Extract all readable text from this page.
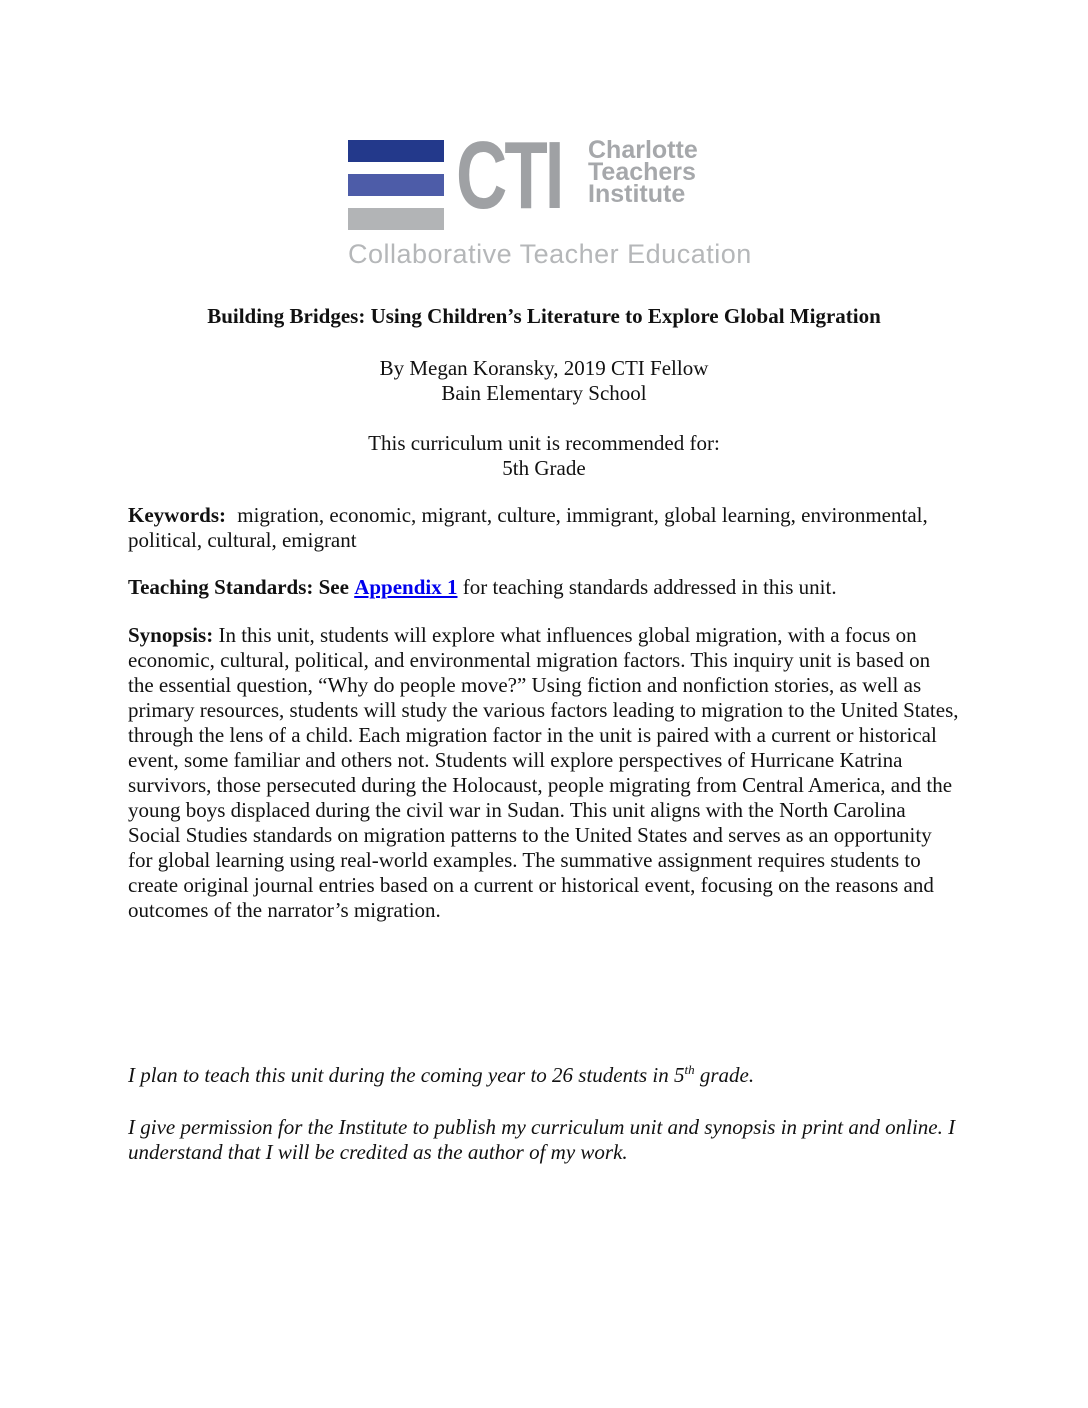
CTI	Charlotte
Teachers
Institute
Collaborative Teacher Education
Building Bridges: Using Children’s Literature to Explore Global Migration

By Megan Koransky, 2019 CTI Fellow

Bain Elementary School

This curriculum unit is recommended for:

5th Grade

Keywords: migration, economic, migrant, culture, immigrant, global learning, environmental, political, cultural, emigrant

Teaching Standards: See Appendix 1 for teaching standards addressed in this unit.

Synopsis: In this unit, students will explore what influences global migration, with a focus on economic, cultural, political, and environmental migration factors. This inquiry unit is based on the essential question, “Why do people move?” Using fiction and nonfiction stories, as well as primary resources, students will study the various factors leading to migration to the United States, through the lens of a child. Each migration factor in the unit is paired with a current or historical event, some familiar and others not. Students will explore perspectives of Hurricane Katrina survivors, those persecuted during the Holocaust, people migrating from Central America, and the young boys displaced during the civil war in Sudan. This unit aligns with the North Carolina Social Studies standards on migration patterns to the United States and serves as an opportunity for global learning using real-world examples. The summative assignment requires students to create original journal entries based on a current or historical event, focusing on the reasons and outcomes of the narrator’s migration.

I plan to teach this unit during the coming year to 26 students in 5th grade.

I give permission for the Institute to publish my curriculum unit and synopsis in print and online. I understand that I will be credited as the author of my work.
